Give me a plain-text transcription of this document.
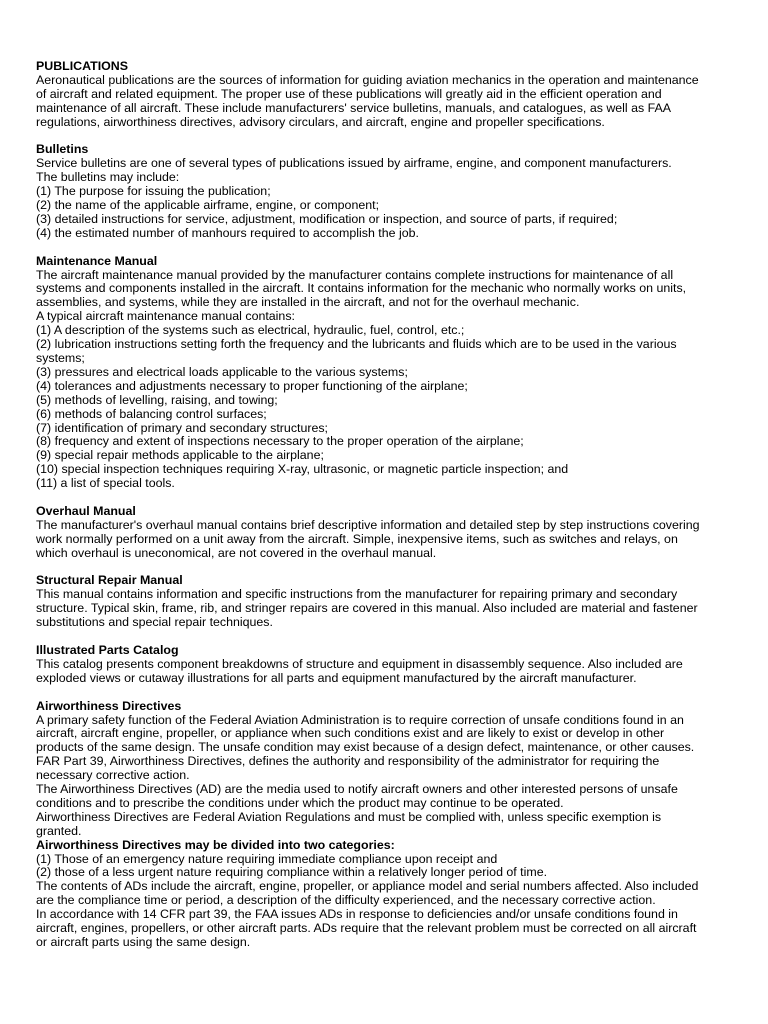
PUBLICATIONS
Aeronautical publications are the sources of information for guiding aviation mechanics in the operation and maintenance
of aircraft and related equipment. The proper use of these publications will greatly aid in the efficient operation and
maintenance of all aircraft. These include manufacturers' service bulletins, manuals, and catalogues, as well as FAA
regulations, airworthiness directives, advisory circulars, and aircraft, engine and propeller specifications.
Bulletins
Service bulletins are one of several types of publications issued by airframe, engine, and component manufacturers.
The bulletins may include:
(1) The purpose for issuing the publication;
(2) the name of the applicable airframe, engine, or component;
(3) detailed instructions for service, adjustment, modification or inspection, and source of parts, if required;
(4) the estimated number of manhours required to accomplish the job.
Maintenance Manual
The aircraft maintenance manual provided by the manufacturer contains complete instructions for maintenance of all
systems and components installed in the aircraft. It contains information for the mechanic who normally works on units,
assemblies, and systems, while they are installed in the aircraft, and not for the overhaul mechanic.
A typical aircraft maintenance manual contains:
(1) A description of the systems such as electrical, hydraulic, fuel, control, etc.;
(2) lubrication instructions setting forth the frequency and the lubricants and fluids which are to be used in the various
systems;
(3) pressures and electrical loads applicable to the various systems;
(4) tolerances and adjustments necessary to proper functioning of the airplane;
(5) methods of levelling, raising, and towing;
(6) methods of balancing control surfaces;
(7) identification of primary and secondary structures;
(8) frequency and extent of inspections necessary to the proper operation of the airplane;
(9) special repair methods applicable to the airplane;
(10) special inspection techniques requiring X-ray, ultrasonic, or magnetic particle inspection; and
(11) a list of special tools.
Overhaul Manual
The manufacturer's overhaul manual contains brief descriptive information and detailed step by step instructions covering
work normally performed on a unit away from the aircraft. Simple, inexpensive items, such as switches and relays, on
which overhaul is uneconomical, are not covered in the overhaul manual.
Structural Repair Manual
This manual contains information and specific instructions from the manufacturer for repairing primary and secondary
structure. Typical skin, frame, rib, and stringer repairs are covered in this manual. Also included are material and fastener
substitutions and special repair techniques.
Illustrated Parts Catalog
This catalog presents component breakdowns of structure and equipment in disassembly sequence. Also included are
exploded views or cutaway illustrations for all parts and equipment manufactured by the aircraft manufacturer.
Airworthiness Directives
A primary safety function of the Federal Aviation Administration is to require correction of unsafe conditions found in an
aircraft, aircraft engine, propeller, or appliance when such conditions exist and are likely to exist or develop in other
products of the same design. The unsafe condition may exist because of a design defect, maintenance, or other causes.
FAR Part 39, Airworthiness Directives, defines the authority and responsibility of the administrator for requiring the
necessary corrective action.
The Airworthiness Directives (AD) are the media used to notify aircraft owners and other interested persons of unsafe
conditions and to prescribe the conditions under which the product may continue to be operated.
Airworthiness Directives are Federal Aviation Regulations and must be complied with, unless specific exemption is
granted.
Airworthiness Directives may be divided into two categories:
(1) Those of an emergency nature requiring immediate compliance upon receipt and
(2) those of a less urgent nature requiring compliance within a relatively longer period of time.
The contents of ADs include the aircraft, engine, propeller, or appliance model and serial numbers affected. Also included
are the compliance time or period, a description of the difficulty experienced, and the necessary corrective action.
In accordance with 14 CFR part 39, the FAA issues ADs in response to deficiencies and/or unsafe conditions found in
aircraft, engines, propellers, or other aircraft parts. ADs require that the relevant problem must be corrected on all aircraft
or aircraft parts using the same design.
